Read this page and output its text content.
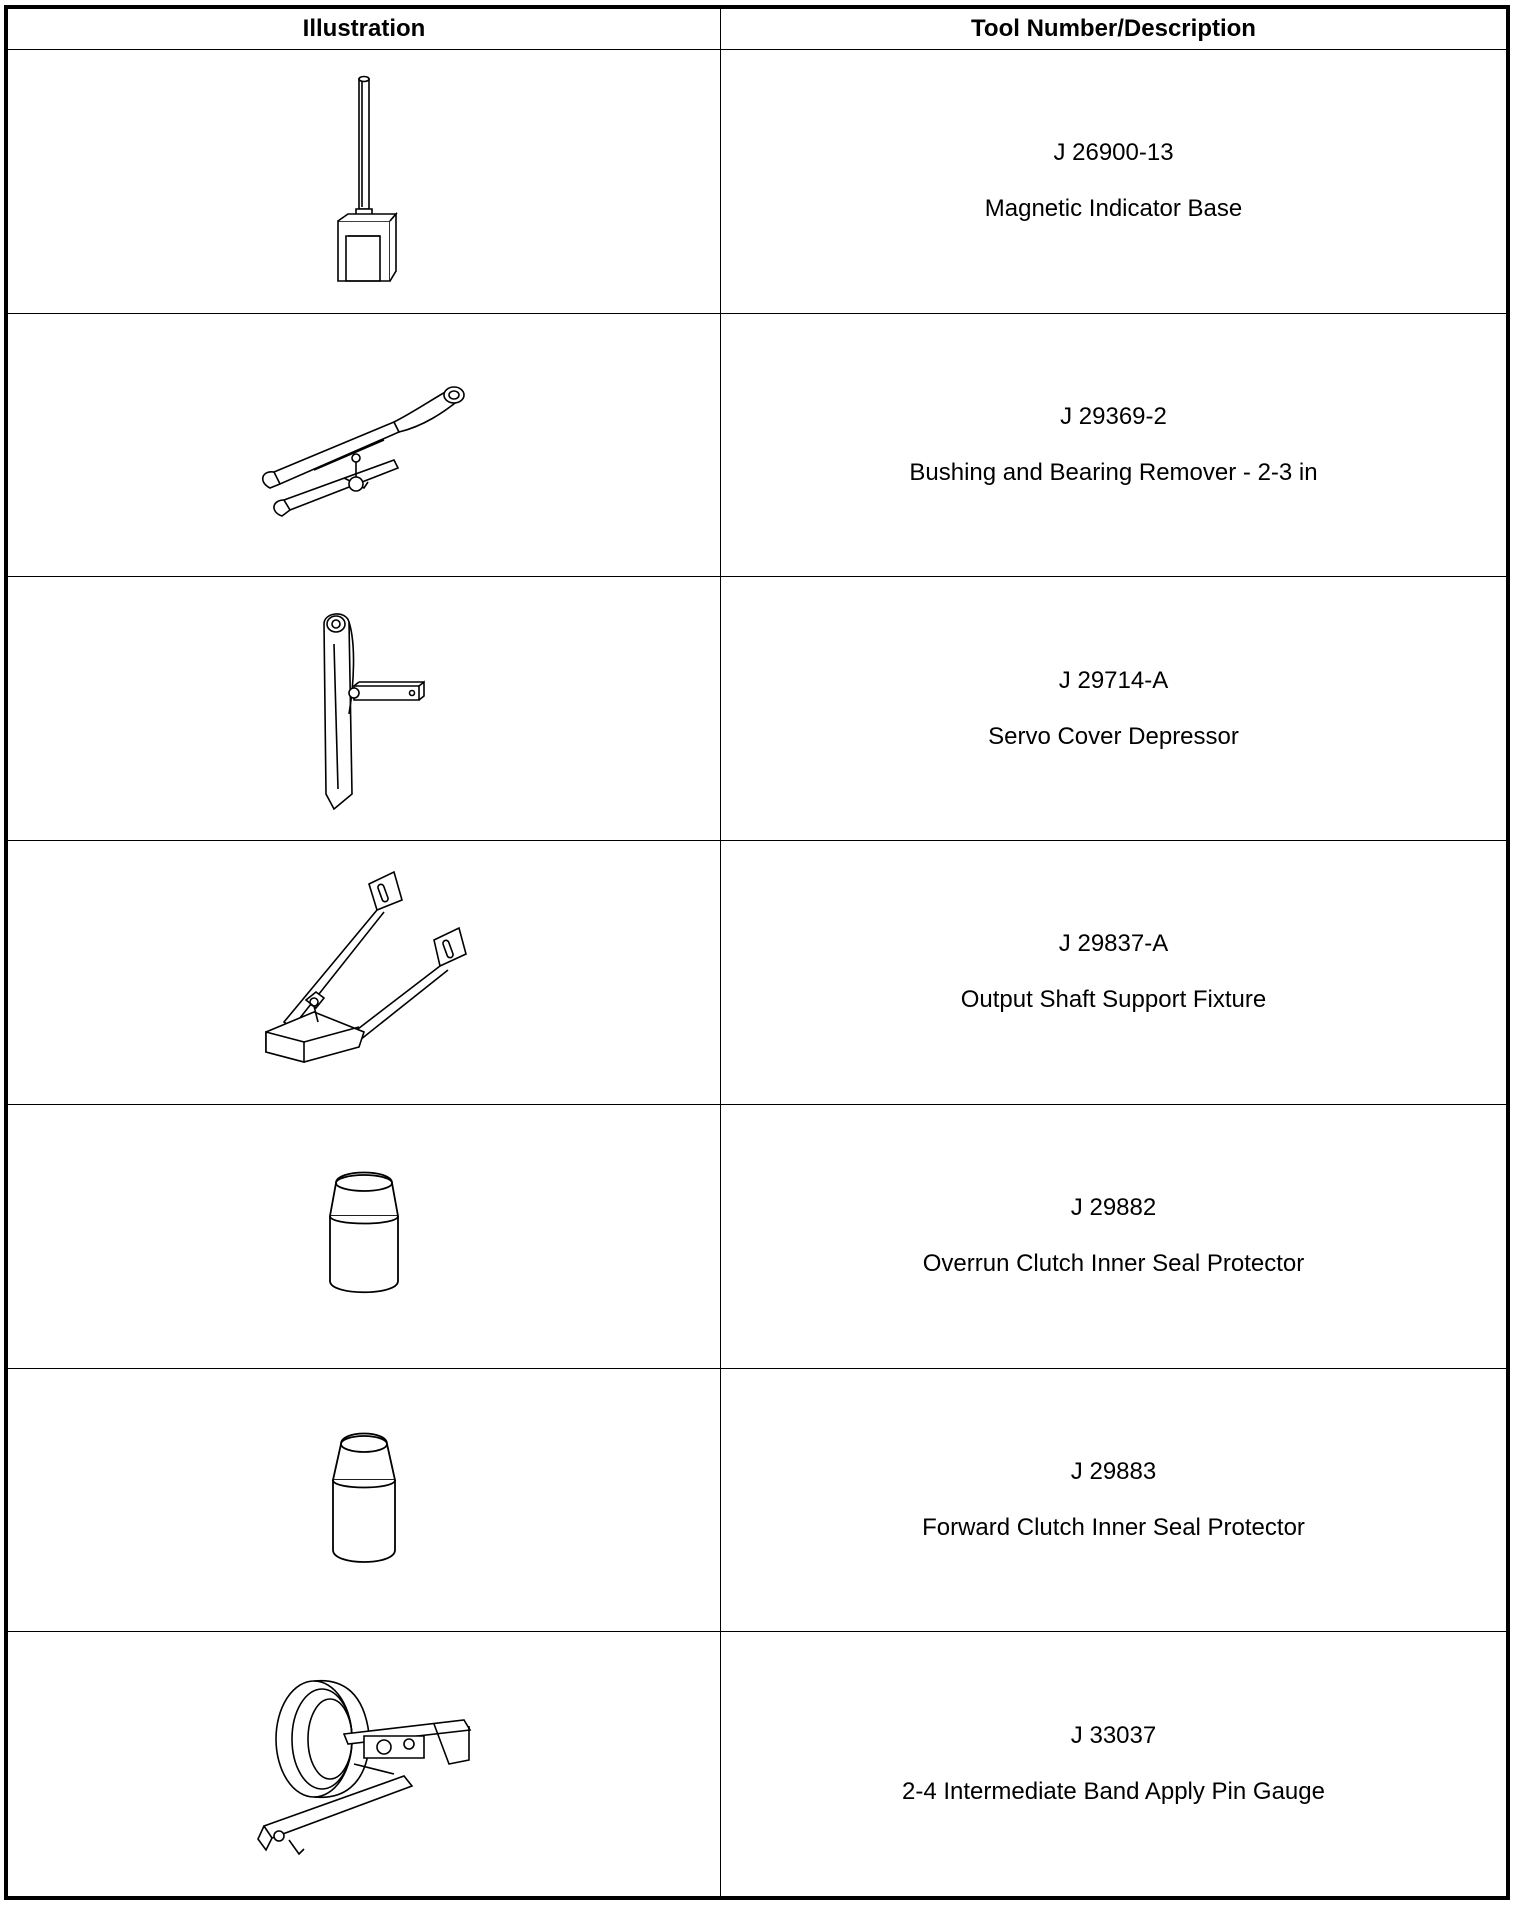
Illustration	Tool Number/Description

J 26900-13
Magnetic Indicator Base

J 29369-2
Bushing and Bearing Remover - 2-3 in

J 29714-A
Servo Cover Depressor

J 29837-A
Output Shaft Support Fixture

J 29882
Overrun Clutch Inner Seal Protector

J 29883
Forward Clutch Inner Seal Protector

J 33037
2-4 Intermediate Band Apply Pin Gauge
